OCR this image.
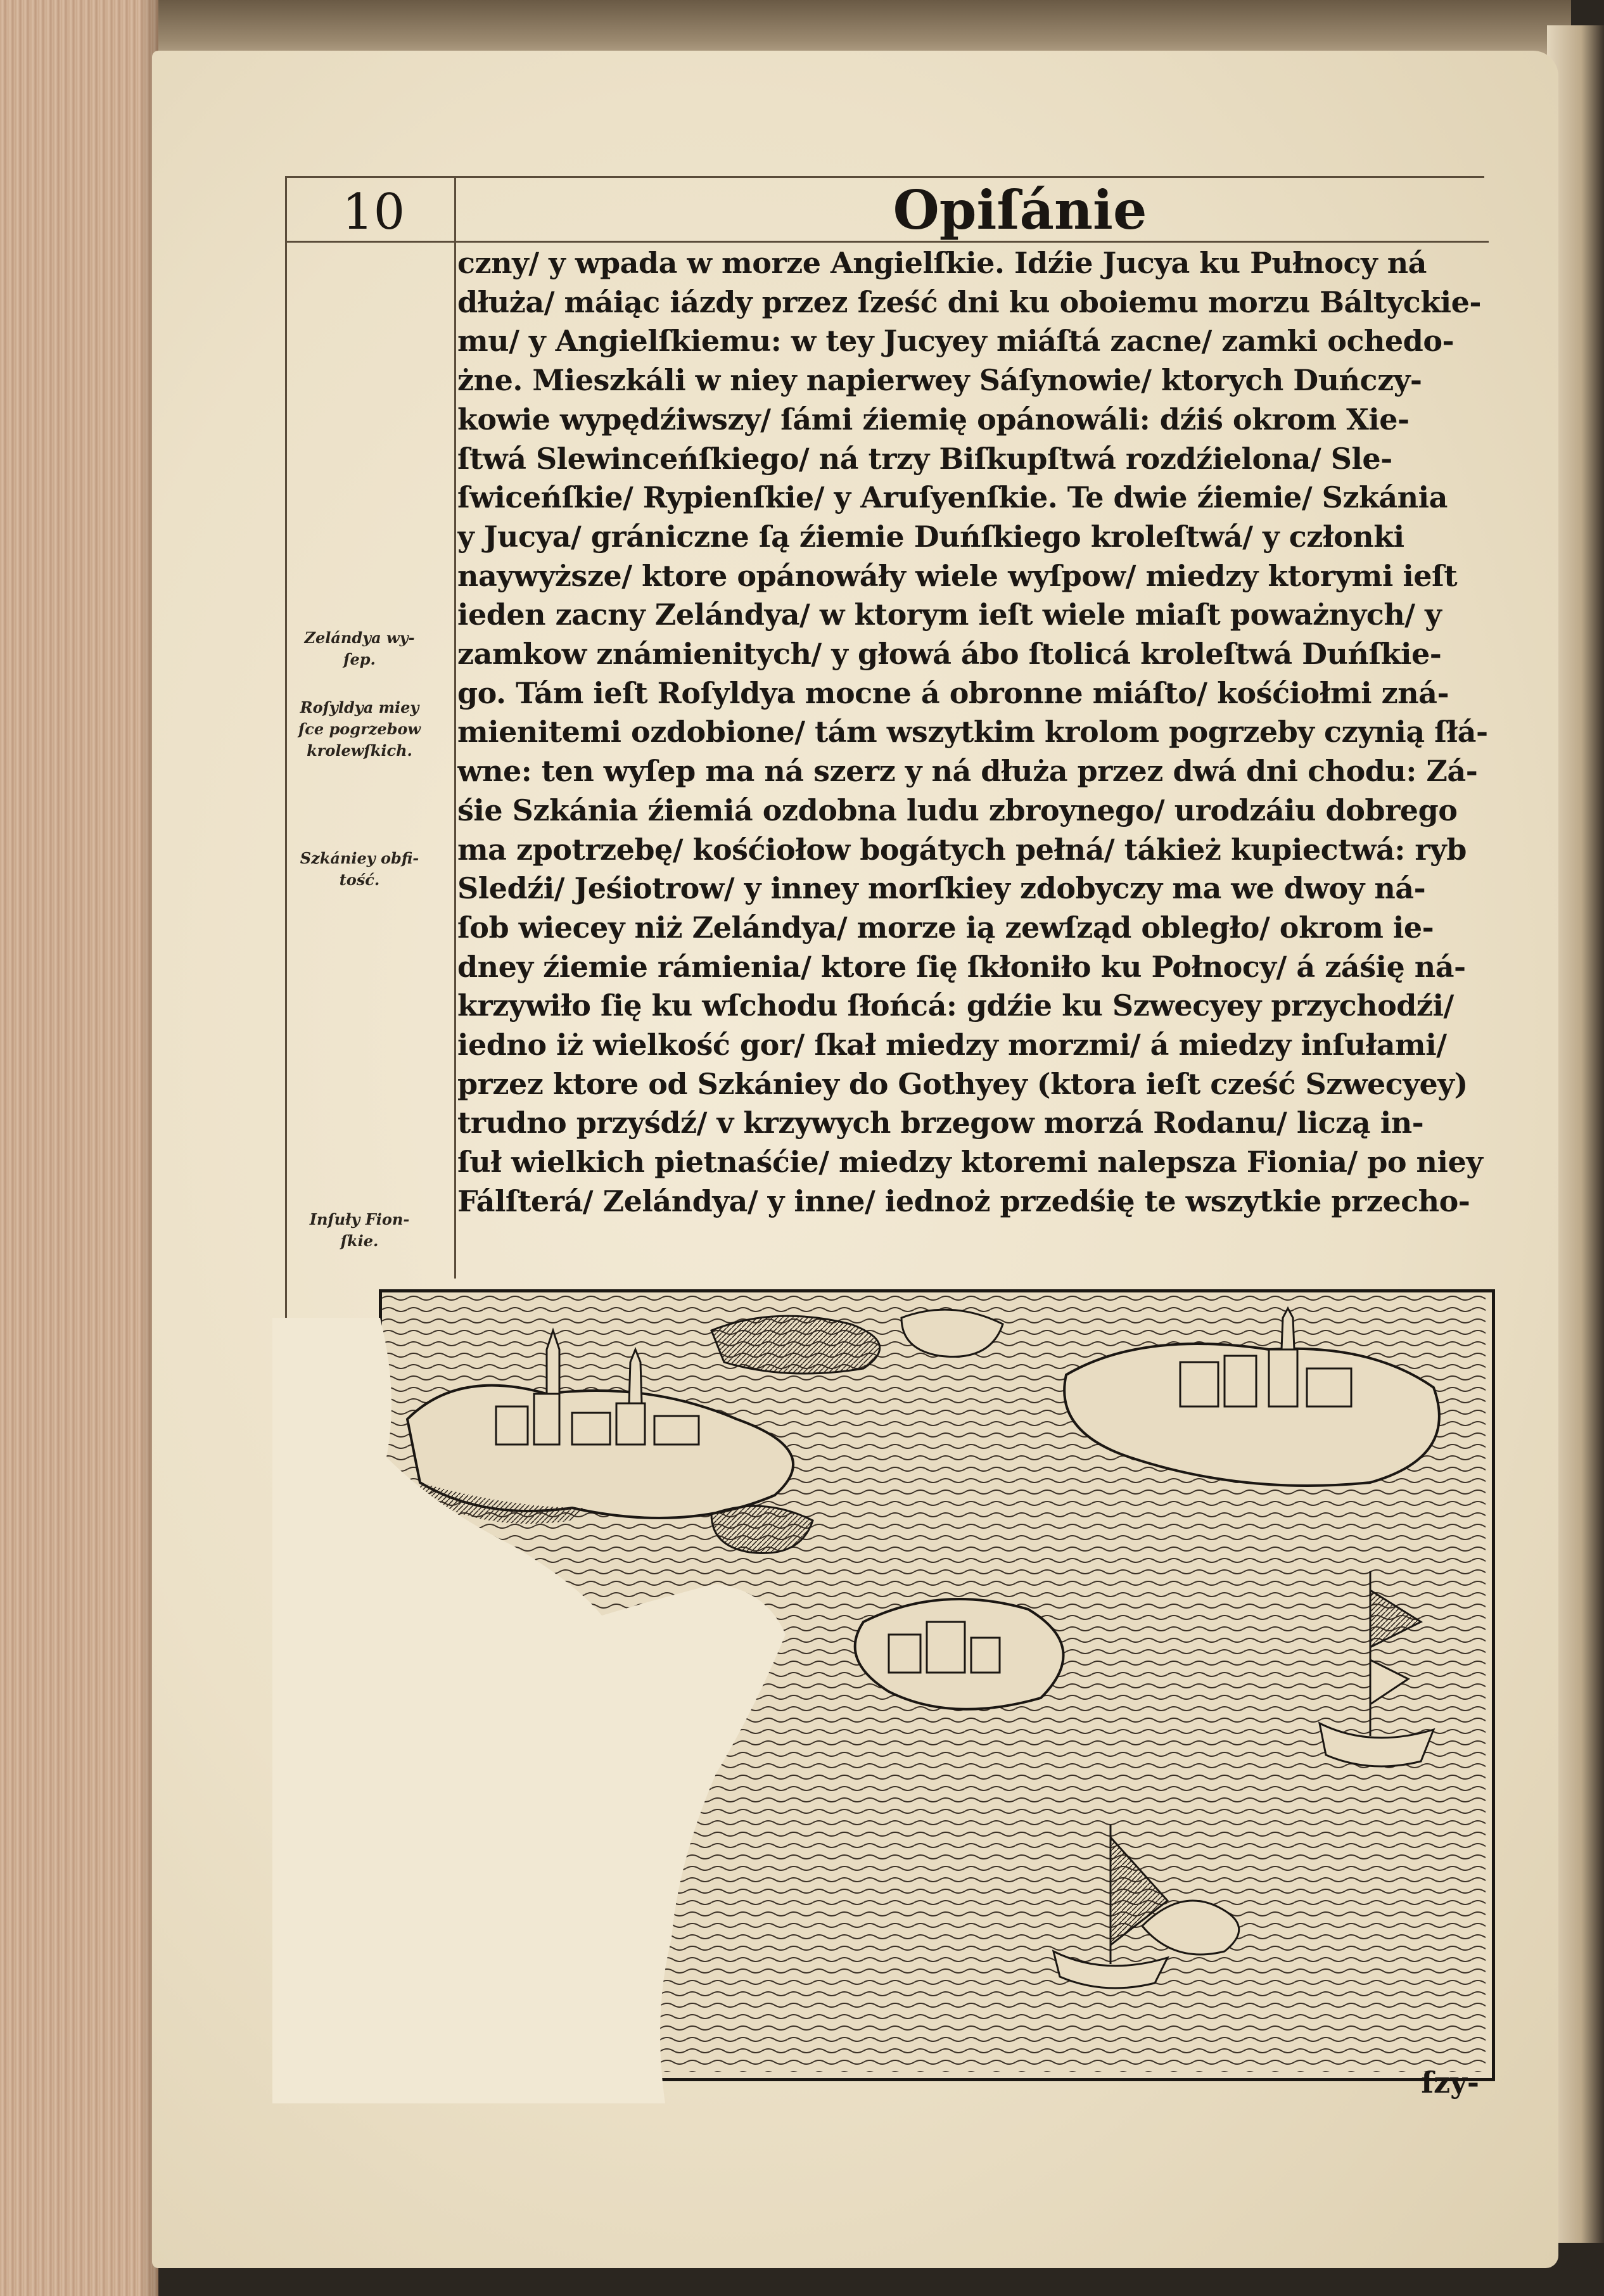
10	Opiſánie
czny/ y wpada w morze Angielſkie. Idźie Jucya ku Pułnocy ná
dłuża/ máiąc iázdy przez ſześć dni ku oboiemu morzu Báltyckie-
mu/ y Angielſkiemu: w tey Jucyey miáſtá zacne/ zamki ochedo-
żne. Mieszkáli w niey napierwey Sáſynowie/ ktorych Duńczy-
kowie wypędźiwszy/ ſámi źiemię opánowáli: dźiś okrom Xie-
ſtwá Slewinceńſkiego/ ná trzy Biſkupſtwá rozdźielona/ Sle-
ſwiceńſkie/ Rypienſkie/ y Aruſyenſkie. Te dwie źiemie/ Szkánia
y Jucya/ grániczne ſą źiemie Duńſkiego kroleſtwá/ y członki
naywyższe/ ktore opánowáły wiele wyſpow/ miedzy ktorymi ieſt
ieden zacny Zelándya/ w ktorym ieſt wiele miaſt poważnych/ y
zamkow známienitych/ y głowá ábo ſtolicá kroleſtwá Duńſkie-
go. Tám ieſt Roſyldya mocne á obronne miáſto/ kośćiołmi zná-
mienitemi ozdobione/ tám wszytkim krolom pogrzeby czynią ſłá-
wne: ten wyſep ma ná szerz y ná dłuża przez dwá dni chodu: Zá-
śie Szkánia źiemiá ozdobna ludu zbroynego/ urodzáiu dobrego
ma zpotrzebę/ kośćiołow bogátych pełná/ tákież kupiectwá: ryb
Sledźi/ Jeśiotrow/ y inney morſkiey zdobyczy ma we dwoy ná-
ſob wiecey niż Zelándya/ morze ią zewſząd obległo/ okrom ie-
dney źiemie rámienia/ ktore ſię ſkłoniło ku Połnocy/ á záśię ná-
krzywiło ſię ku wſchodu ſłońcá: gdźie ku Szwecyey przychodźi/
iedno iż wielkość gor/ ſkał miedzy morzmi/ á miedzy inſułami/
przez ktore od Szkániey do Gothyey (ktora ieſt cześć Szwecyey)
trudno przyśdź/ v krzywych brzegow morzá Rodanu/ liczą in-
ſuł wielkich pietnaśćie/ miedzy ktoremi nalepsza Fionia/ po niey
Fálſterá/ Zelándya/ y inne/ iednoż przedśię te wszytkie przecho-
Zelándya wy-
ſep.
Roſyldya miey
ſce pogrzebow
krolewſkich.
Szkániey obfi-
tość.
Inſuły Fion-
ſkie.
ſzy-
